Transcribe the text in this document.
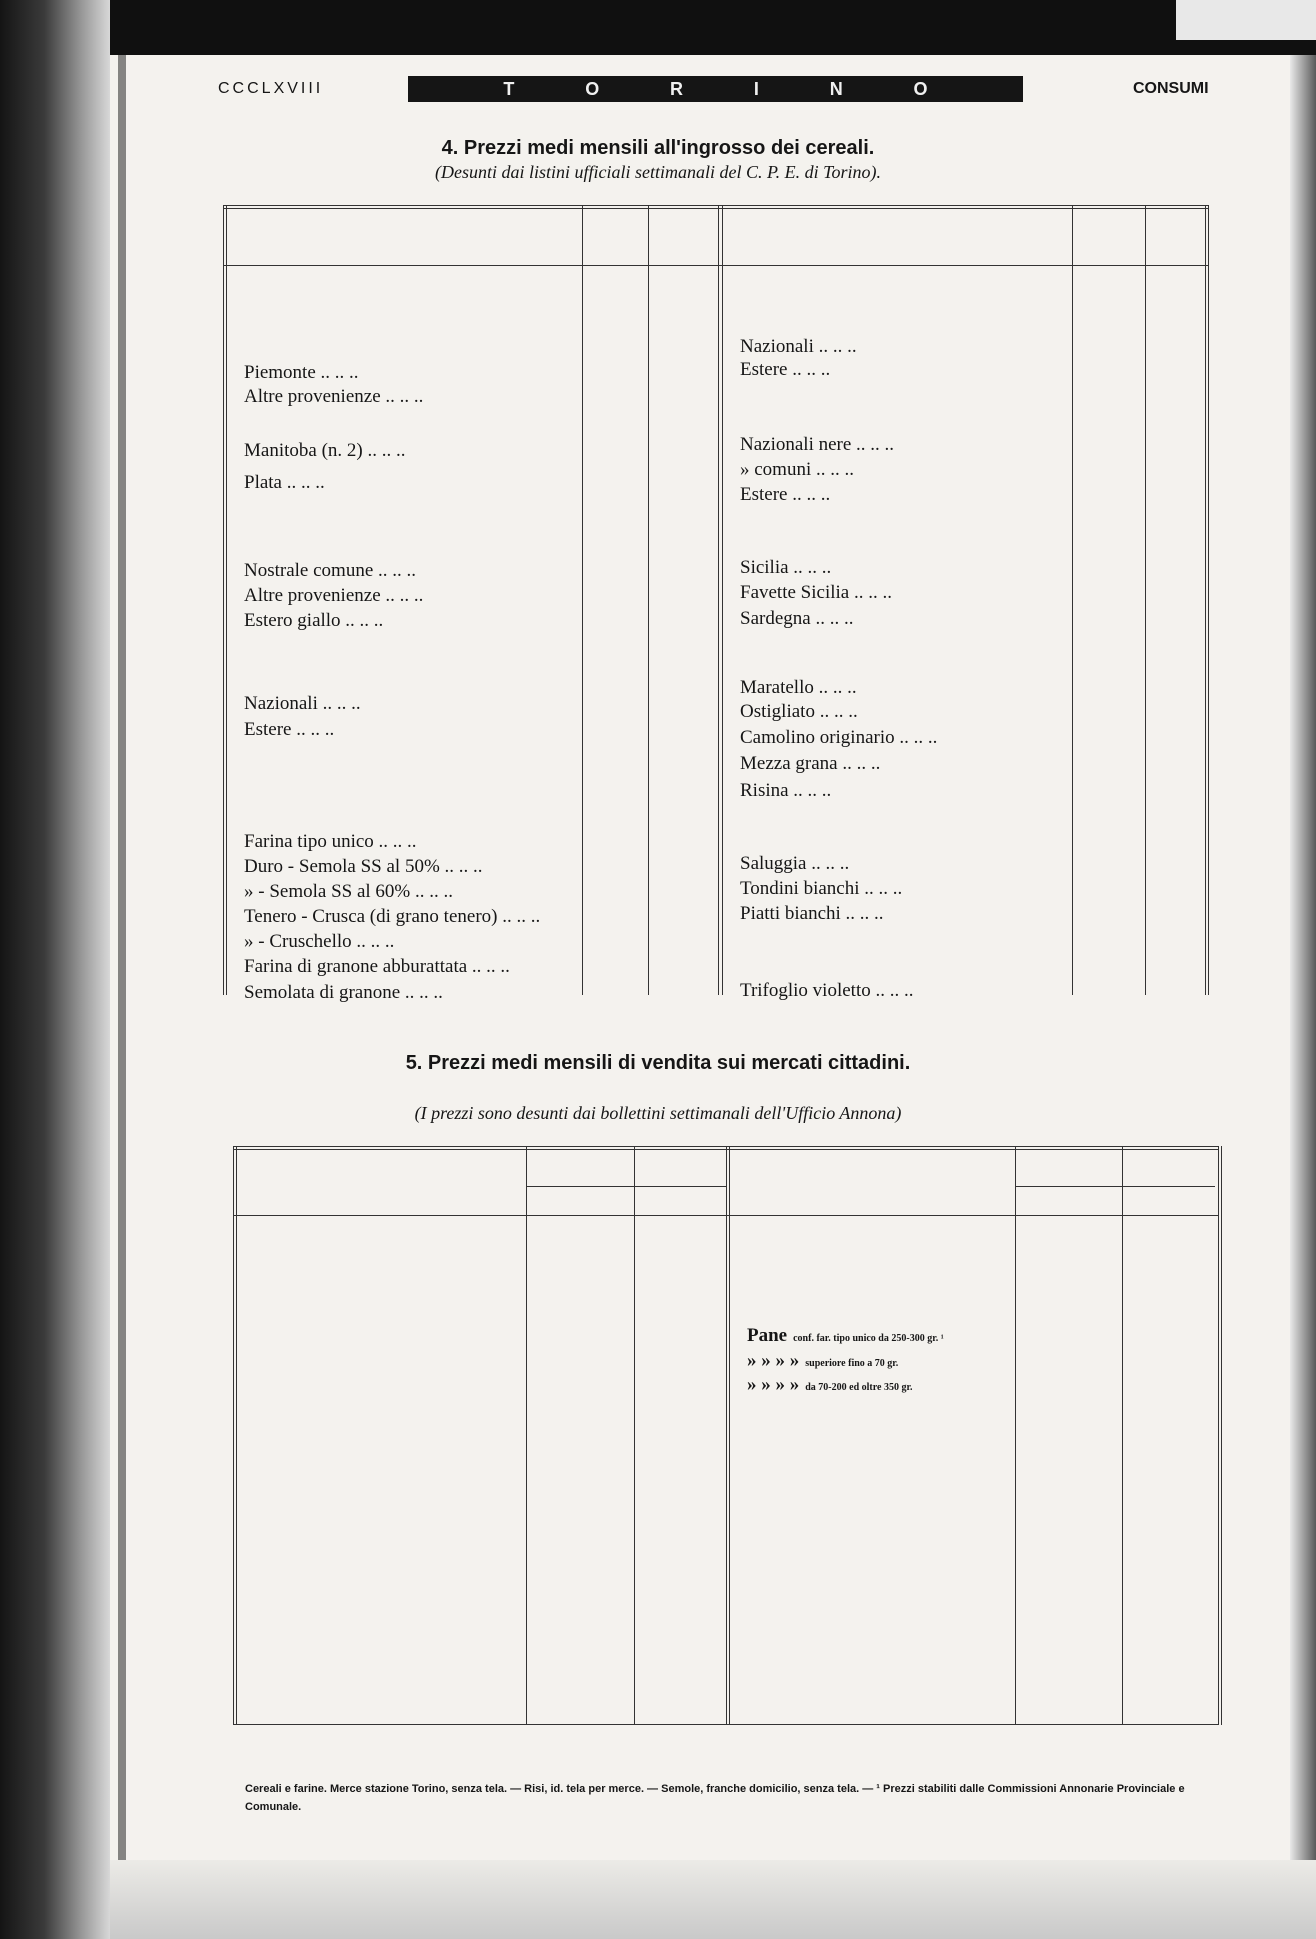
CCCLXVIII	T	O	R	I	N	O	CONSUMI
4. Prezzi medi mensili all'ingrosso dei cereali.
(Desunti dai listini ufficiali settimanali del C. P. E. di Torino).
Piemonte .. .. ..
Altre provenienze .. .. ..
Manitoba (n. 2) .. .. ..
Plata .. .. ..
Nostrale comune .. .. ..
Altre provenienze .. .. ..
Estero giallo .. .. ..
Nazionali .. .. ..
Estere .. .. ..
Farina tipo unico .. .. ..
Duro - Semola SS al 50% .. .. ..
» - Semola SS al 60% .. .. ..
Tenero - Crusca (di grano tenero) .. .. ..
» - Cruschello .. .. ..
Farina di granone abburattata .. .. ..
Semolata di granone .. .. ..
Nazionali .. .. ..
Estere .. .. ..
Nazionali nere .. .. ..
» comuni .. .. ..
Estere .. .. ..
Sicilia .. .. ..
Favette Sicilia .. .. ..
Sardegna .. .. ..
Maratello .. .. ..
Ostigliato .. .. ..
Camolino originario .. .. ..
Mezza grana .. .. ..
Risina .. .. ..
Saluggia .. .. ..
Tondini bianchi .. .. ..
Piatti bianchi .. .. ..
Trifoglio violetto .. .. ..
5. Prezzi medi mensili di vendita sui mercati cittadini.
(I prezzi sono desunti dai bollettini settimanali dell'Ufficio Annona)
Pane conf. far. tipo unico da 250-300 gr. ¹
» » » » superiore fino a 70 gr.
» » » » da 70-200 ed oltre 350 gr.
Cereali e farine. Merce stazione Torino, senza tela. — Risi, id. tela per merce. — Semole, franche domicilio, senza tela. — ¹ Prezzi stabiliti dalle Commissioni Annonarie Provinciale e Comunale.
